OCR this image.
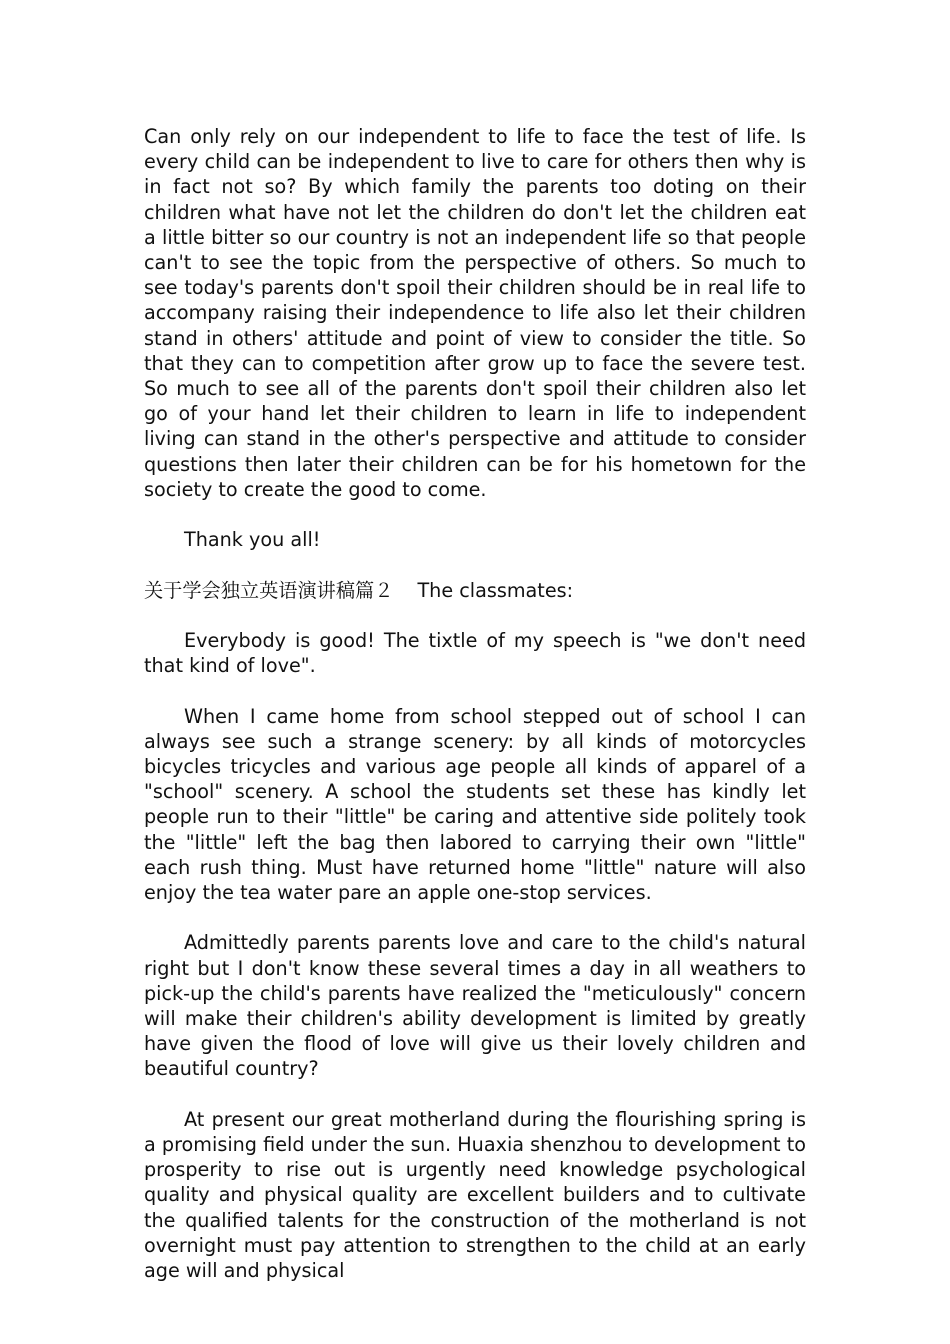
Can only rely on our independent to life to face the test of life. Is every child can be independent to live to care for others then why is in fact not so? By which family the parents too doting on their children what have not let the children do don't let the children eat a little bitter so our country is not an independent life so that people can't to see the topic from the perspective of others. So much to see today's parents don't spoil their children should be in real life to accompany raising their independence to life also let their children stand in others' attitude and point of view to consider the title. So that they can to competition after grow up to face the severe test. So much to see all of the parents don't spoil their children also let go of your hand let their children to learn in life to independent living can stand in the other's perspective and attitude to consider questions then later their children can be for his hometown for the society to create the good to come.

Thank you all!

关于学会独立英语演讲稿篇２ The classmates:

Everybody is good! The tixtle of my speech is "we don't need that kind of love".

When I came home from school stepped out of school I can always see such a strange scenery: by all kinds of motorcycles bicycles tricycles and various age people all kinds of apparel of a "school" scenery. A school the students set these has kindly let people run to their "little" be caring and attentive side politely took the "little" left the bag then labored to carrying their own "little" each rush thing. Must have returned home "little" nature will also enjoy the tea water pare an apple one-stop services.

Admittedly parents parents love and care to the child's natural right but I don't know these several times a day in all weathers to pick-up the child's parents have realized the "meticulously" concern will make their children's ability development is limited by greatly have given the flood of love will give us their lovely children and beautiful country?

At present our great motherland during the flourishing spring is a promising field under the sun. Huaxia shenzhou to development to prosperity to rise out is urgently need knowledge psychological quality and physical quality are excellent builders and to cultivate the qualified talents for the construction of the motherland is not overnight must pay attention to strengthen to the child at an early age will and physical
